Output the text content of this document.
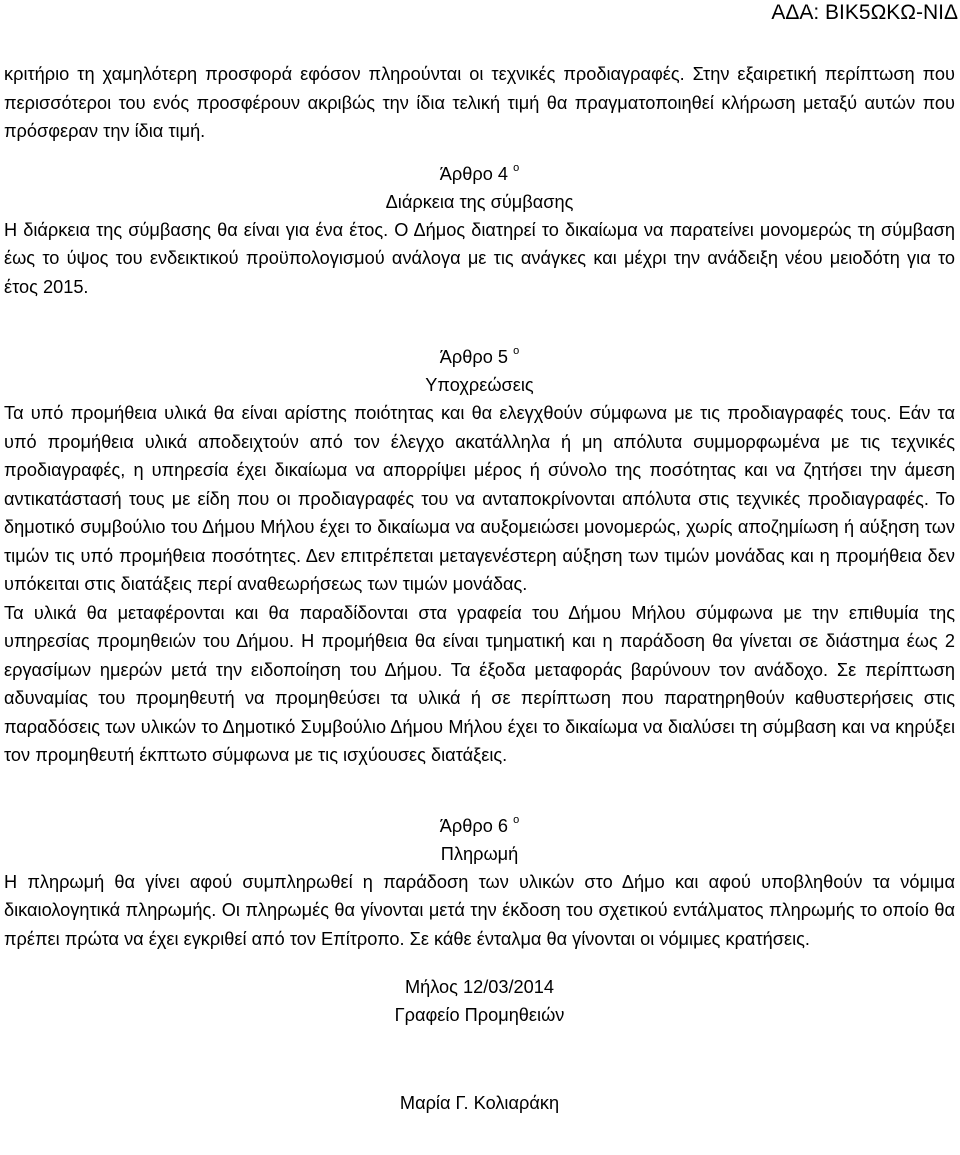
ΑΔΑ: ΒΙΚ5ΩΚΩ-ΝΙΔ

κριτήριο τη χαμηλότερη προσφορά εφόσον πληρούνται οι τεχνικές προδιαγραφές. Στην εξαιρετική περίπτωση που περισσότεροι του ενός προσφέρουν ακριβώς την ίδια τελική τιμή θα πραγματοποιηθεί κλήρωση μεταξύ αυτών που πρόσφεραν την ίδια τιμή.

Άρθρο 4 $^o$
Διάρκεια της σύμβασης

Η διάρκεια της σύμβασης θα είναι για ένα έτος. Ο Δήμος διατηρεί το δικαίωμα να παρατείνει μονομερώς τη σύμβαση έως το ύψος του ενδεικτικού προϋπολογισμού ανάλογα με τις ανάγκες και μέχρι την ανάδειξη νέου μειοδότη για το έτος 2015.

Άρθρο 5 $^o$
Υποχρεώσεις

Τα υπό προμήθεια υλικά θα είναι αρίστης ποιότητας και θα ελεγχθούν σύμφωνα με τις προδιαγραφές τους. Εάν τα υπό προμήθεια υλικά αποδειχτούν από τον έλεγχο ακατάλληλα ή μη απόλυτα συμμορφωμένα με τις τεχνικές προδιαγραφές, η υπηρεσία έχει δικαίωμα να απορρίψει μέρος ή σύνολο της ποσότητας και να ζητήσει την άμεση αντικατάστασή τους με είδη που οι προδιαγραφές του να ανταποκρίνονται απόλυτα στις τεχνικές προδιαγραφές. Το δημοτικό συμβούλιο του Δήμου Μήλου έχει το δικαίωμα να αυξομειώσει μονομερώς, χωρίς αποζημίωση ή αύξηση των τιμών τις υπό προμήθεια ποσότητες. Δεν επιτρέπεται μεταγενέστερη αύξηση των τιμών μονάδας και η προμήθεια δεν υπόκειται στις διατάξεις περί αναθεωρήσεως των τιμών μονάδας.

Τα υλικά θα μεταφέρονται και θα παραδίδονται στα γραφεία του Δήμου Μήλου σύμφωνα με την επιθυμία της υπηρεσίας προμηθειών του Δήμου. Η προμήθεια θα είναι τμηματική και η παράδοση θα γίνεται σε διάστημα έως 2 εργασίμων ημερών μετά την ειδοποίηση του Δήμου. Τα έξοδα μεταφοράς βαρύνουν τον ανάδοχο. Σε περίπτωση αδυναμίας του προμηθευτή να προμηθεύσει τα υλικά ή σε περίπτωση που παρατηρηθούν καθυστερήσεις στις παραδόσεις των υλικών το Δημοτικό Συμβούλιο Δήμου Μήλου έχει το δικαίωμα να διαλύσει τη σύμβαση και να κηρύξει τον προμηθευτή έκπτωτο σύμφωνα με τις ισχύουσες διατάξεις.

Άρθρο 6 $^o$
Πληρωμή

Η πληρωμή θα γίνει αφού συμπληρωθεί η παράδοση των υλικών στο Δήμο και αφού υποβληθούν τα νόμιμα δικαιολογητικά πληρωμής. Οι πληρωμές θα γίνονται μετά την έκδοση του σχετικού εντάλματος πληρωμής το οποίο θα πρέπει πρώτα να έχει εγκριθεί από τον Επίτροπο. Σε κάθε ένταλμα θα γίνονται οι νόμιμες κρατήσεις.

Μήλος 12/03/2014
Γραφείο Προμηθειών
Μαρία Γ. Κολιαράκη
